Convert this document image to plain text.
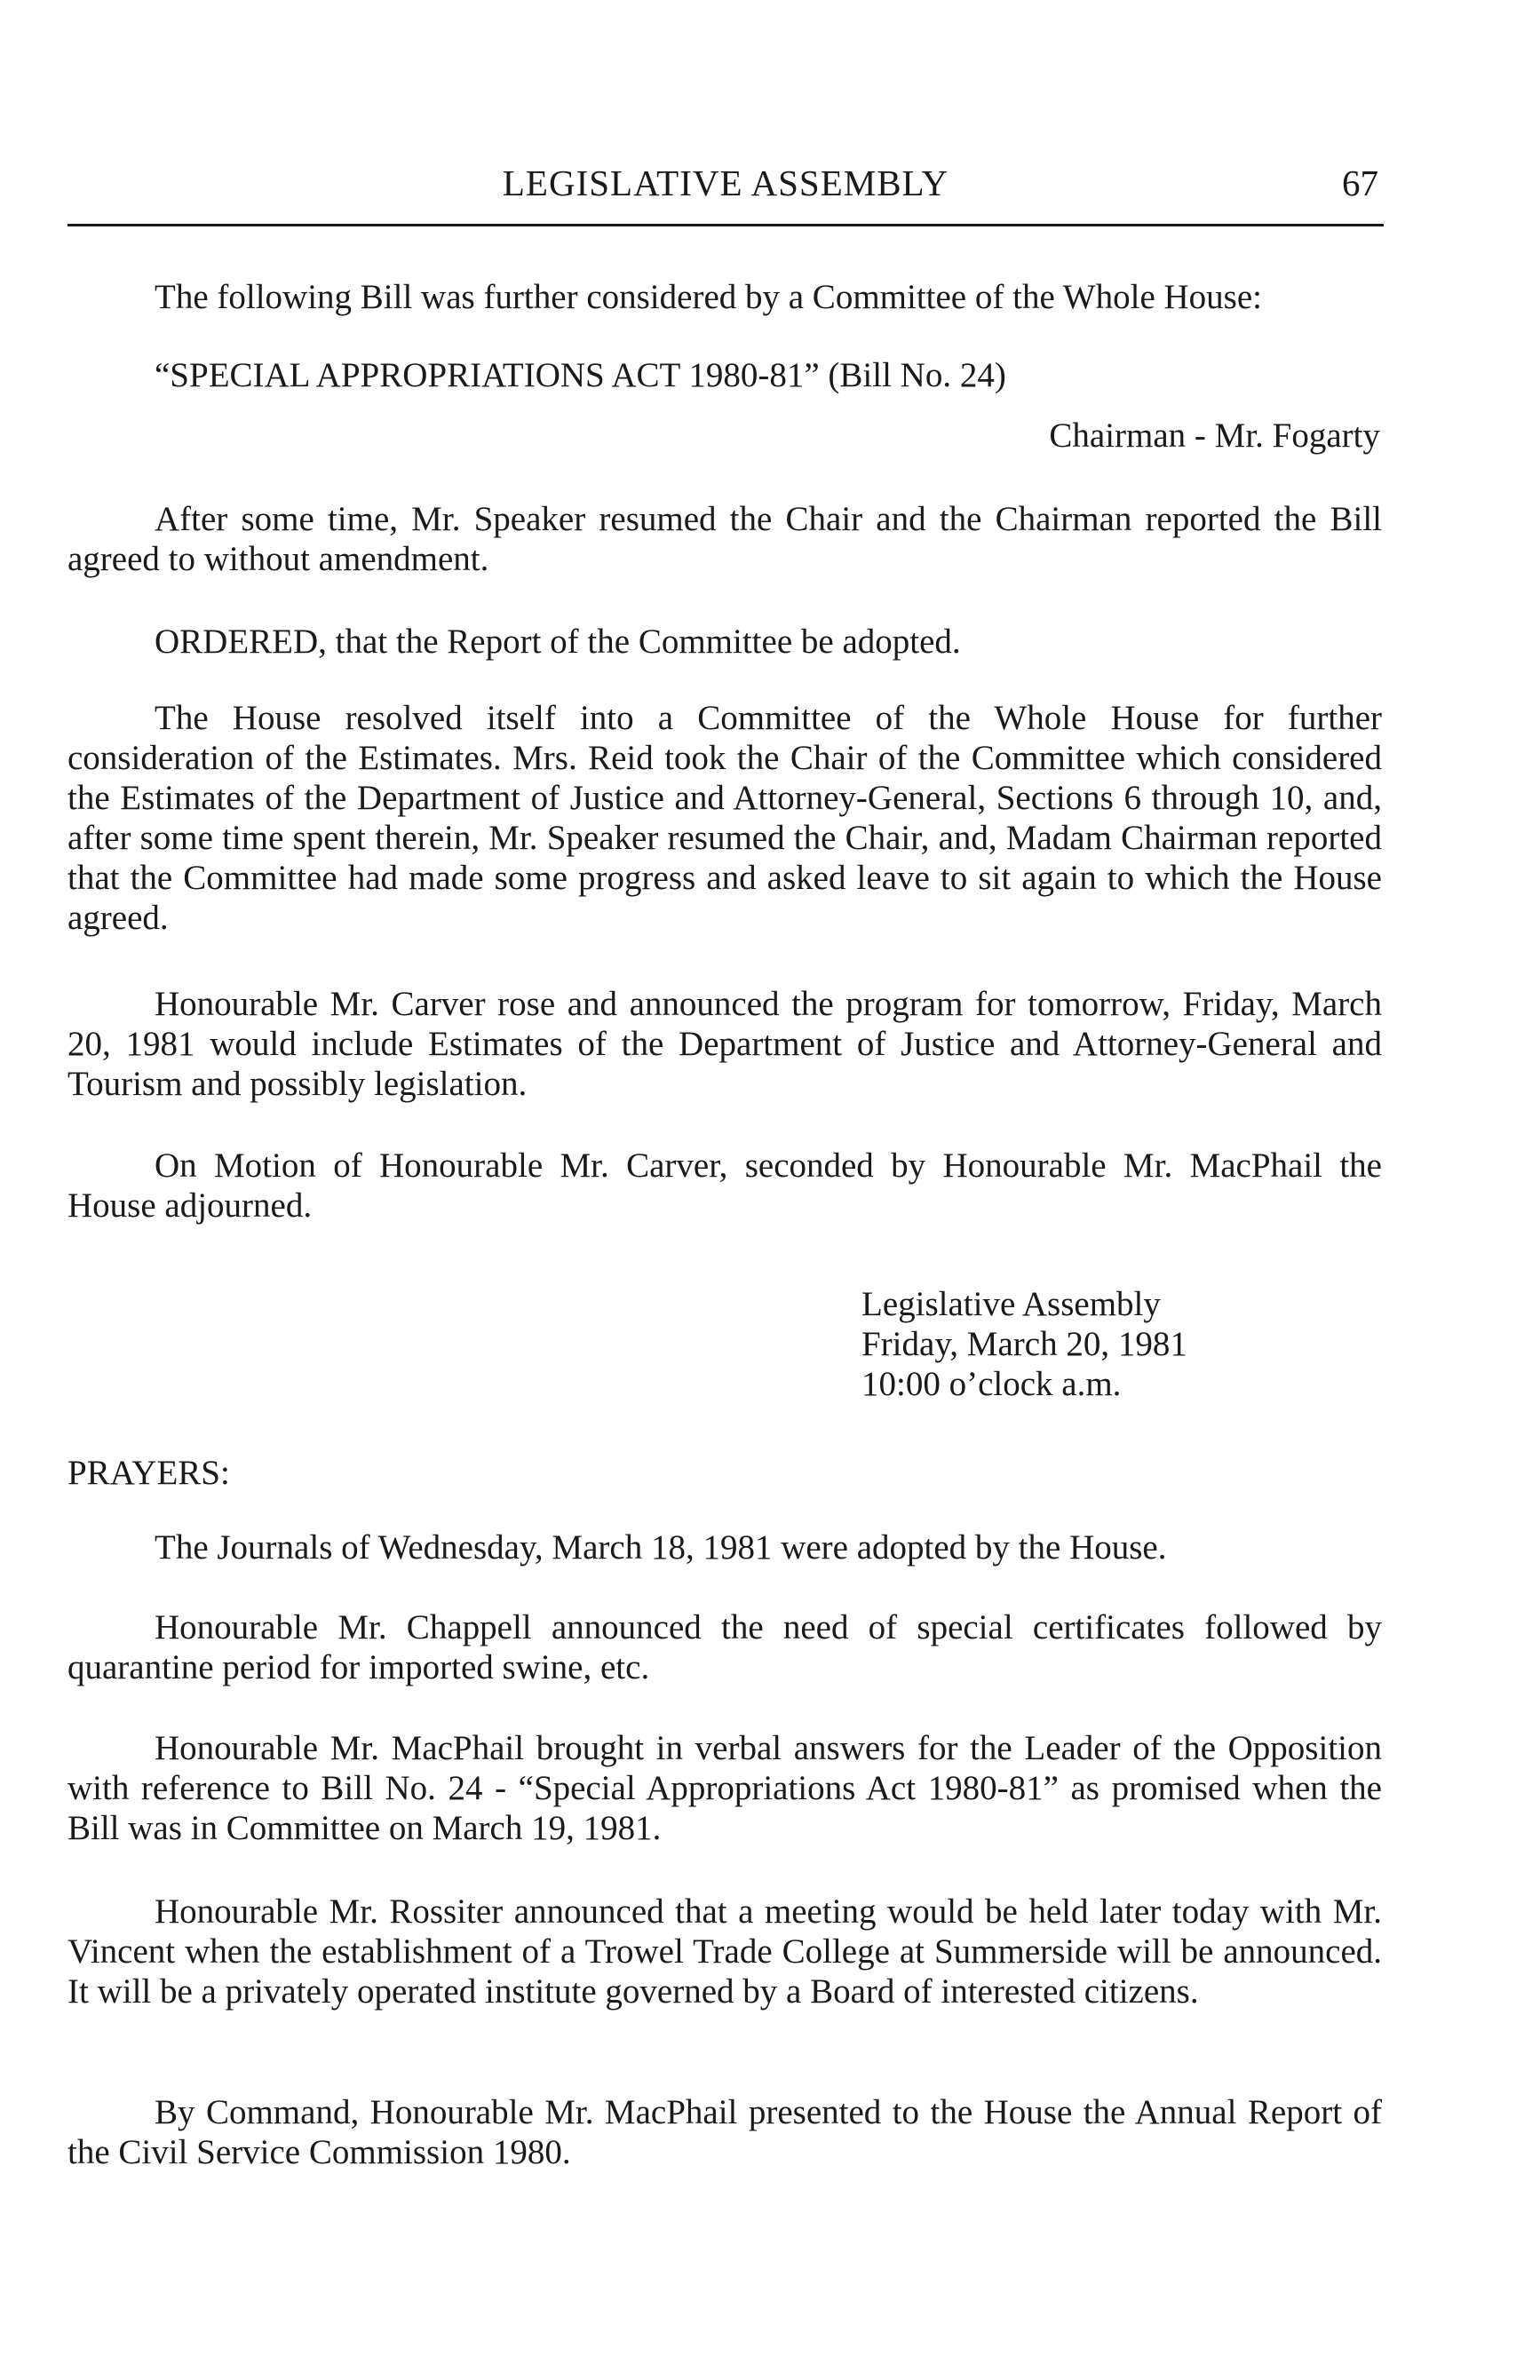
LEGISLATIVE ASSEMBLY	67

The following Bill was further considered by a Committee of the Whole House:

“SPECIAL APPROPRIATIONS ACT 1980-81” (Bill No. 24)

Chairman - Mr. Fogarty

After some time, Mr. Speaker resumed the Chair and the Chairman reported the Bill agreed to without amendment.

ORDERED, that the Report of the Committee be adopted.

The House resolved itself into a Committee of the Whole House for further consideration of the Estimates. Mrs. Reid took the Chair of the Committee which considered the Estimates of the Department of Justice and Attorney-General, Sections 6 through 10, and, after some time spent therein, Mr. Speaker resumed the Chair, and, Madam Chairman reported that the Committee had made some progress and asked leave to sit again to which the House agreed.

Honourable Mr. Carver rose and announced the program for tomorrow, Friday, March 20, 1981 would include Estimates of the Department of Justice and Attorney-General and Tourism and possibly legislation.

On Motion of Honourable Mr. Carver, seconded by Honourable Mr. MacPhail the House adjourned.

Legislative Assembly
Friday, March 20, 1981
10:00 o’clock a.m.

PRAYERS:

The Journals of Wednesday, March 18, 1981 were adopted by the House.

Honourable Mr. Chappell announced the need of special certificates followed by quarantine period for imported swine, etc.

Honourable Mr. MacPhail brought in verbal answers for the Leader of the Opposition with reference to Bill No. 24 - “Special Appropriations Act 1980-81” as promised when the Bill was in Committee on March 19, 1981.

Honourable Mr. Rossiter announced that a meeting would be held later today with Mr. Vincent when the establishment of a Trowel Trade College at Summerside will be announced. It will be a privately operated institute governed by a Board of interested citizens.

By Command, Honourable Mr. MacPhail presented to the House the Annual Report of the Civil Service Commission 1980.
